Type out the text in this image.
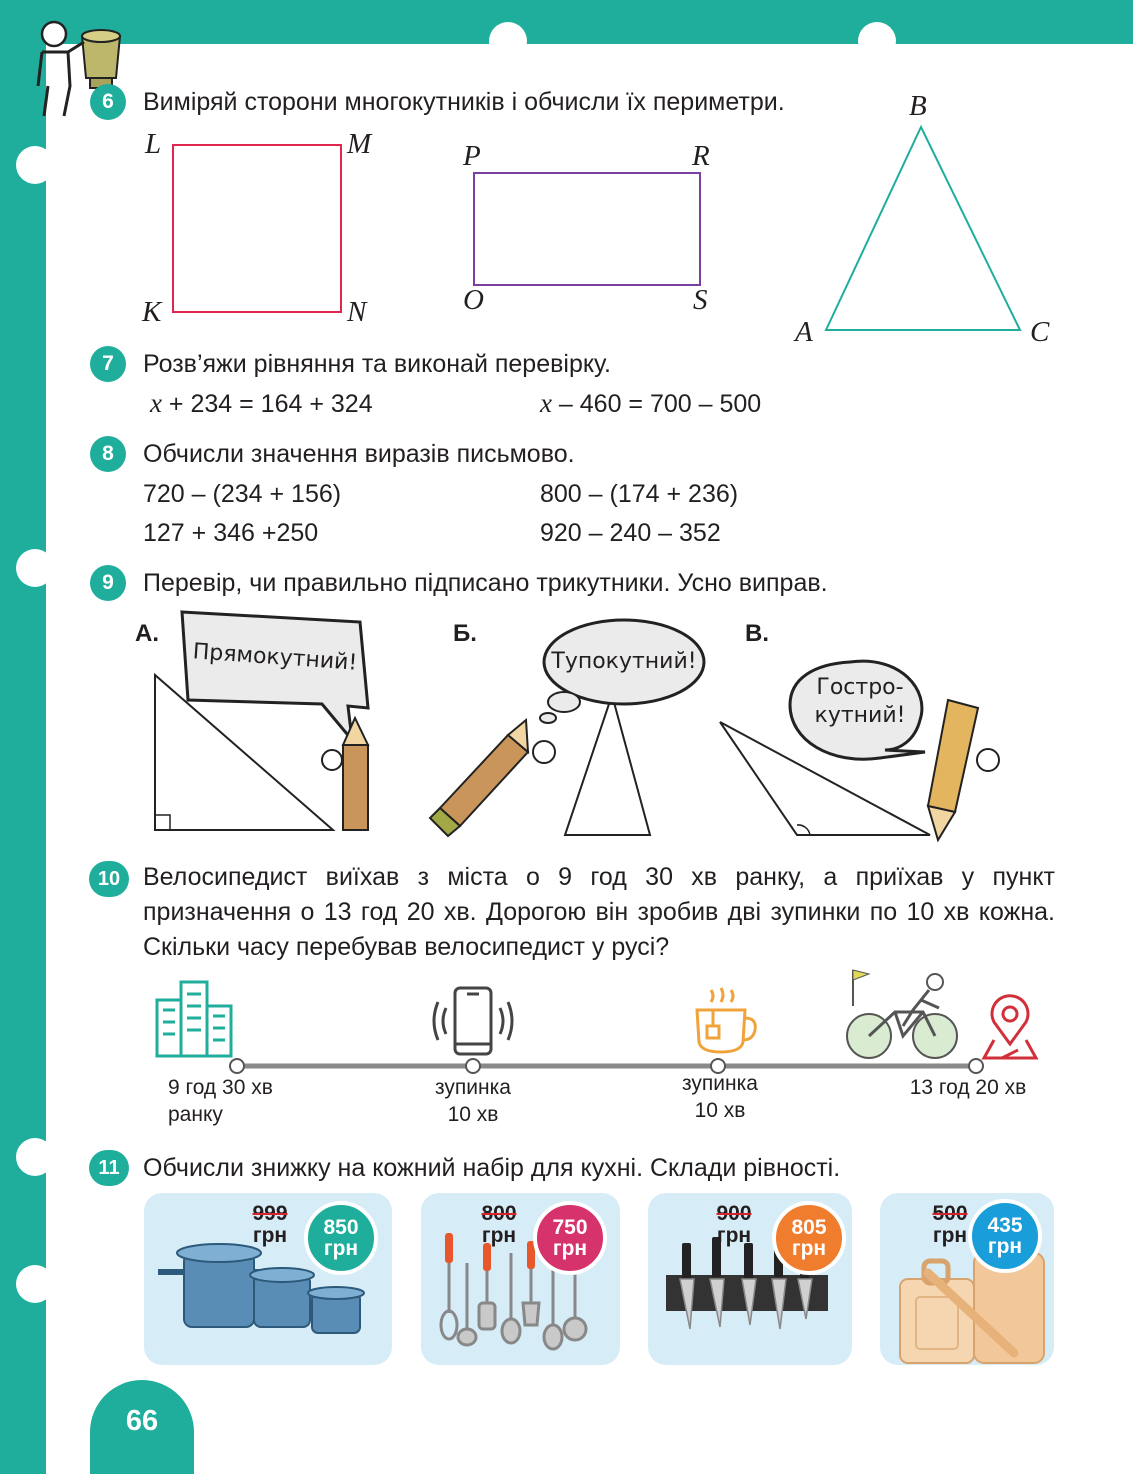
6 Виміряй сторони многокутників і обчисли їх периметри.
L	M
K	N
P	R
O	S
B
A	C
7 Розв’яжи рівняння та виконай перевірку.
x + 234 = 164 + 324	x – 460 = 700 – 500
8 Обчисли значення виразів письмово.
720 – (234 + 156)	800 – (174 + 236)
127 + 346 +250	920 – 240 – 352
9 Перевір, чи правильно підписано трикутники. Усно виправ.
А.	Б.	В.
Прямокутний!	Тупокутний!
Гостро-
кутний!
10 Велосипедист виїхав з міста о 9 год 30 хв ранку, а приїхав у пункт призначення о 13 год 20 хв. Дорогою він зробив дві зупинки по 10 хв кожна. Скільки часу перебував велосипедист у русі?
9 год 30 хв
ранку
зупинка
10 хв
зупинка
10 хв
13 год 20 хв
11 Обчисли знижку на кожний набір для кухні. Склади рівності.
999
грн	850
грн
800
грн	750
грн
900
грн	805
грн
500
грн 435
грн
66
